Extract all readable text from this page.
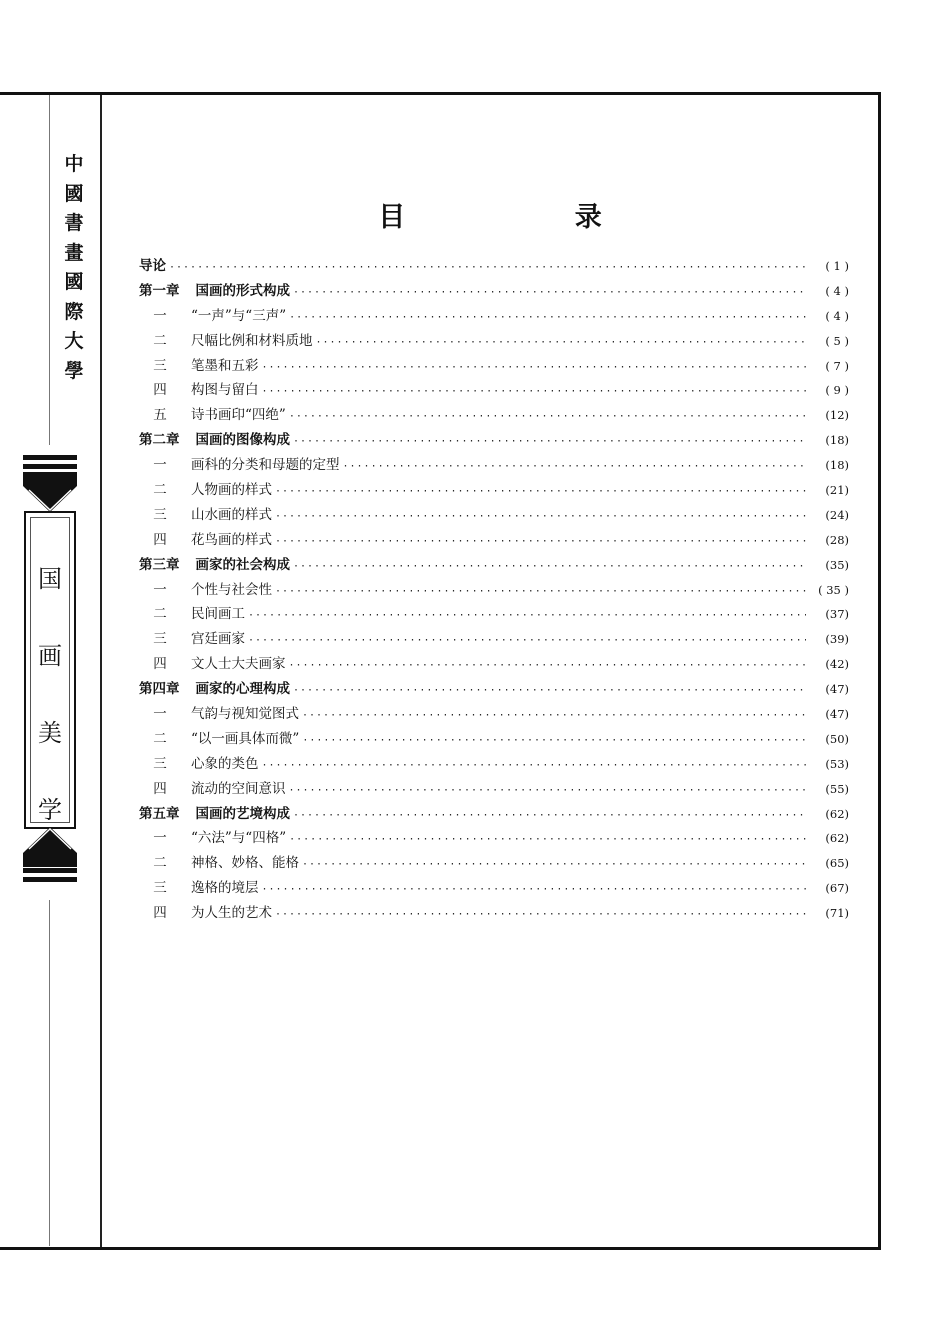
中
國
書
畫
國
際
大
學
国
画
美
学
目 录
导论 ·····	( 1 )
第一章 国画的形式构成 ·····	( 4 )
一	“一声”与“三声” ·····	( 4 )
二	尺幅比例和材料质地 ·····	( 5 )
三	笔墨和五彩 ·····	( 7 )
四	构图与留白 ·····	( 9 )
五	诗书画印“四绝” ·····	(12)
第二章 国画的图像构成 ·····	(18)
一	画科的分类和母题的定型 ·····	(18)
二	人物画的样式 ·····	(21)
三	山水画的样式 ·····	(24)
四	花鸟画的样式 ·····	(28)
第三章 画家的社会构成 ·····	(35)
一	个性与社会性 ·····	( 35 )
二	民间画工 ·····	(37)
三	宫廷画家 ·····	(39)
四	文人士大夫画家 ·····	(42)
第四章 画家的心理构成 ·····	(47)
一	气韵与视知觉图式 ·····	(47)
二	“以一画具体而微” ·····	(50)
三	心象的类色 ·····	(53)
四	流动的空间意识 ·····	(55)
第五章 国画的艺境构成 ·····	(62)
一	“六法”与“四格” ·····	(62)
二	神格、妙格、能格 ·····	(65)
三	逸格的境层 ·····	(67)
四	为人生的艺术 ·····	(71)
